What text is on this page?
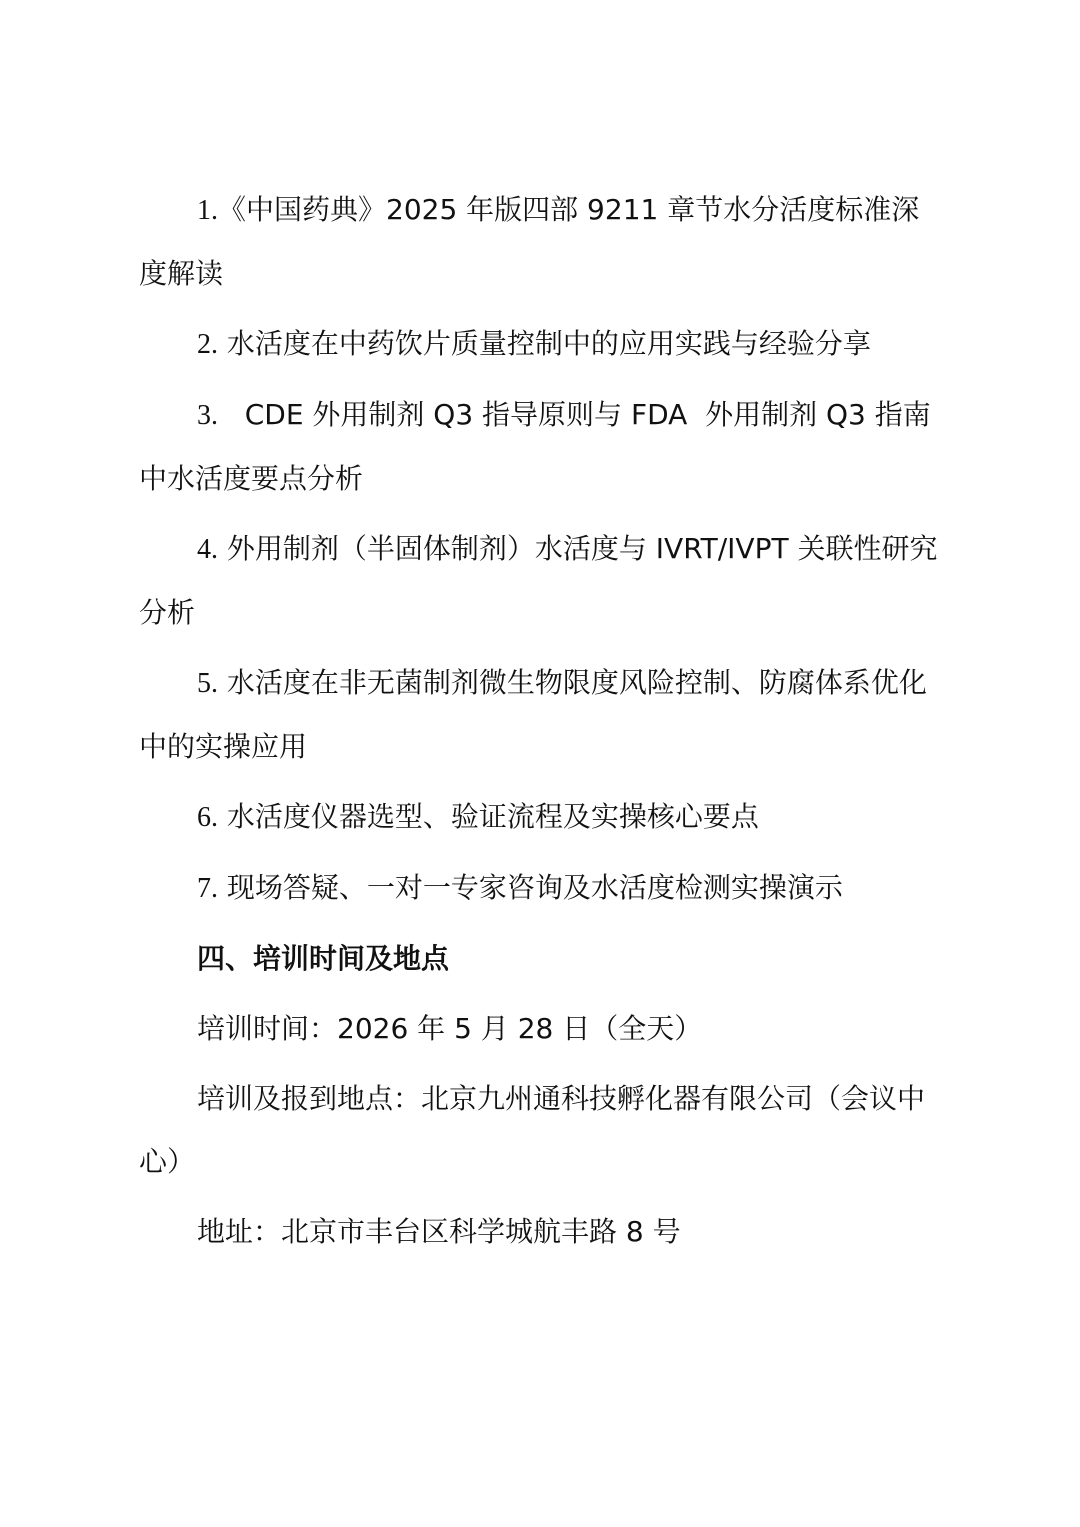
1.《中国药典》2025 年版四部 9211 章节水分活度标准深度解读

2. 水活度在中药饮片质量控制中的应用实践与经验分享

3.   CDE 外用制剂 Q3 指导原则与 FDA  外用制剂 Q3 指南中水活度要点分析

4. 外用制剂（半固体制剂）水活度与 IVRT/IVPT 关联性研究分析

5. 水活度在非无菌制剂微生物限度风险控制、防腐体系优化中的实操应用

6. 水活度仪器选型、验证流程及实操核心要点

7. 现场答疑、一对一专家咨询及水活度检测实操演示

四、培训时间及地点

培训时间：2026 年 5 月 28 日（全天）

培训及报到地点：北京九州通科技孵化器有限公司（会议中心）

地址：北京市丰台区科学城航丰路 8 号
